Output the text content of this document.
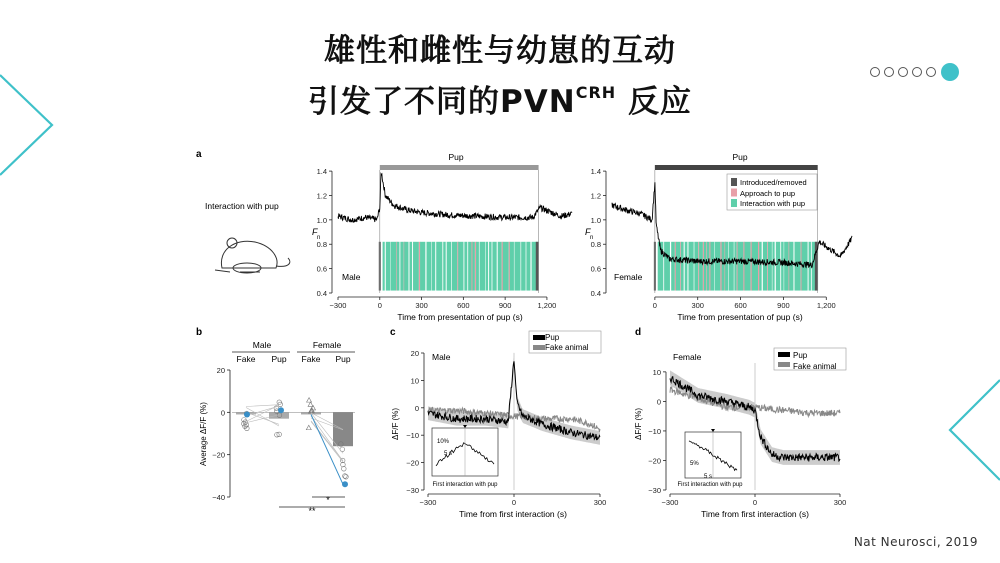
雄性和雌性与幼崽的互动
引发了不同的$PVN^{CRH}$ 反应
Nat Neurosci, 2019
0.4
0.6
0.8
1.0
1.2
1.4
−300	0	300	600	900	1,200
0.4
0.6
0.8
1.0
1.2
1.4
0	300	600	900	1,200
−40
−20
0
20
−30
−20
−10
0
10
20
−300	0	300
−30
−20
−10
0
10
−300	0	300
a
Interaction with pup
Pup	Pup
F
n
F
n
Time from presentation of pup (s)	Time from presentation of pup (s)
Male	Female
Introduced/removed
Approach to pup
Interaction with pup
b
Male	Female
Fake Pup Fake Pup
Average ΔF/F (%)
*
**
c
Male
Pup
Fake animal
Time from first interaction (s)
ΔF/F (%)
10%
5 s
First interaction with pup
d
Female	Pup
Fake animal
Time from first interaction (s)
ΔF/F (%)
5%
5 s
First interaction with pup
